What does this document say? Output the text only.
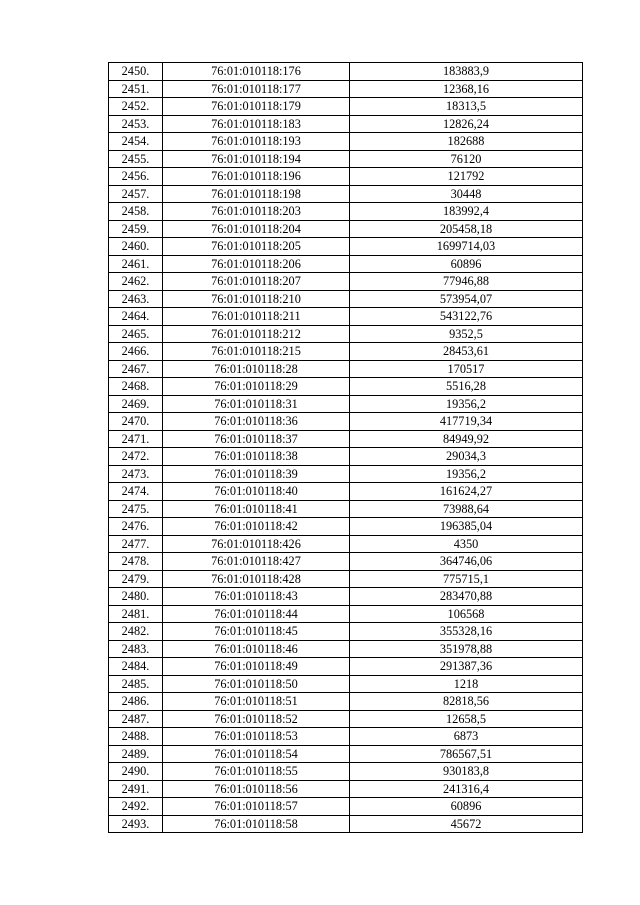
2450.	76:01:010118:176	183883,9
2451.	76:01:010118:177	12368,16
2452.	76:01:010118:179	18313,5
2453.	76:01:010118:183	12826,24
2454.	76:01:010118:193	182688
2455.	76:01:010118:194	76120
2456.	76:01:010118:196	121792
2457.	76:01:010118:198	30448
2458.	76:01:010118:203	183992,4
2459.	76:01:010118:204	205458,18
2460.	76:01:010118:205	1699714,03
2461.	76:01:010118:206	60896
2462.	76:01:010118:207	77946,88
2463.	76:01:010118:210	573954,07
2464.	76:01:010118:211	543122,76
2465.	76:01:010118:212	9352,5
2466.	76:01:010118:215	28453,61
2467.	76:01:010118:28	170517
2468.	76:01:010118:29	5516,28
2469.	76:01:010118:31	19356,2
2470.	76:01:010118:36	417719,34
2471.	76:01:010118:37	84949,92
2472.	76:01:010118:38	29034,3
2473.	76:01:010118:39	19356,2
2474.	76:01:010118:40	161624,27
2475.	76:01:010118:41	73988,64
2476.	76:01:010118:42	196385,04
2477.	76:01:010118:426	4350
2478.	76:01:010118:427	364746,06
2479.	76:01:010118:428	775715,1
2480.	76:01:010118:43	283470,88
2481.	76:01:010118:44	106568
2482.	76:01:010118:45	355328,16
2483.	76:01:010118:46	351978,88
2484.	76:01:010118:49	291387,36
2485.	76:01:010118:50	1218
2486.	76:01:010118:51	82818,56
2487.	76:01:010118:52	12658,5
2488.	76:01:010118:53	6873
2489.	76:01:010118:54	786567,51
2490.	76:01:010118:55	930183,8
2491.	76:01:010118:56	241316,4
2492.	76:01:010118:57	60896
2493.	76:01:010118:58	45672
